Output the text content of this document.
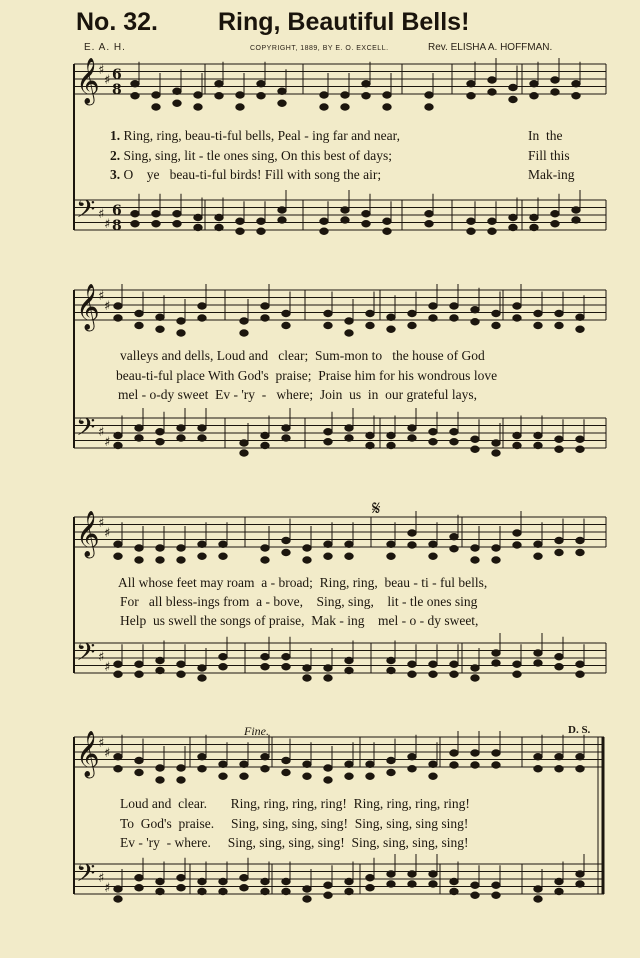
No. 32. Ring, Beautiful Bells!
E. A. H.	COPYRIGHT, 1889, BY E. O. EXCELL.	Rev. ELISHA A. HOFFMAN.
𝄞
𝄢
♯
♯
♯
♯
6
8
6
8
𝄞
𝄢
♯
♯
♯
♯
𝄞
𝄢
♯
♯
♯
♯
𝄞
𝄢
♯
♯
♯
♯
1. Ring, ring, beau-ti-ful bells, Peal - ing far and near,	In  the
2. Sing, sing, lit - tle ones sing, On this best of days;	Fill this
3. O    ye   beau-ti-ful birds! Fill with song the air;	Mak-ing
valleys and dells, Loud and   clear;  Sum-mon to   the house of God
beau-ti-ful place With God's  praise;  Praise him for his wondrous love
mel - o-dy sweet  Ev - 'ry  -   where;  Join  us  in  our grateful lays,
All whose feet may roam  a - broad;  Ring, ring,  beau - ti - ful bells,
For   all bless-ings from  a - bove,    Sing, sing,    lit - tle ones sing
Help  us swell the songs of praise,  Mak - ing    mel - o - dy sweet,
Loud and  clear.       Ring, ring, ring, ring!  Ring, ring, ring, ring!
To  God's  praise.     Sing, sing, sing, sing!  Sing, sing, sing sing!
Ev - 'ry  - where.     Sing, sing, sing, sing!  Sing, sing, sing, sing!
𝄋
Fine.	D. S.
